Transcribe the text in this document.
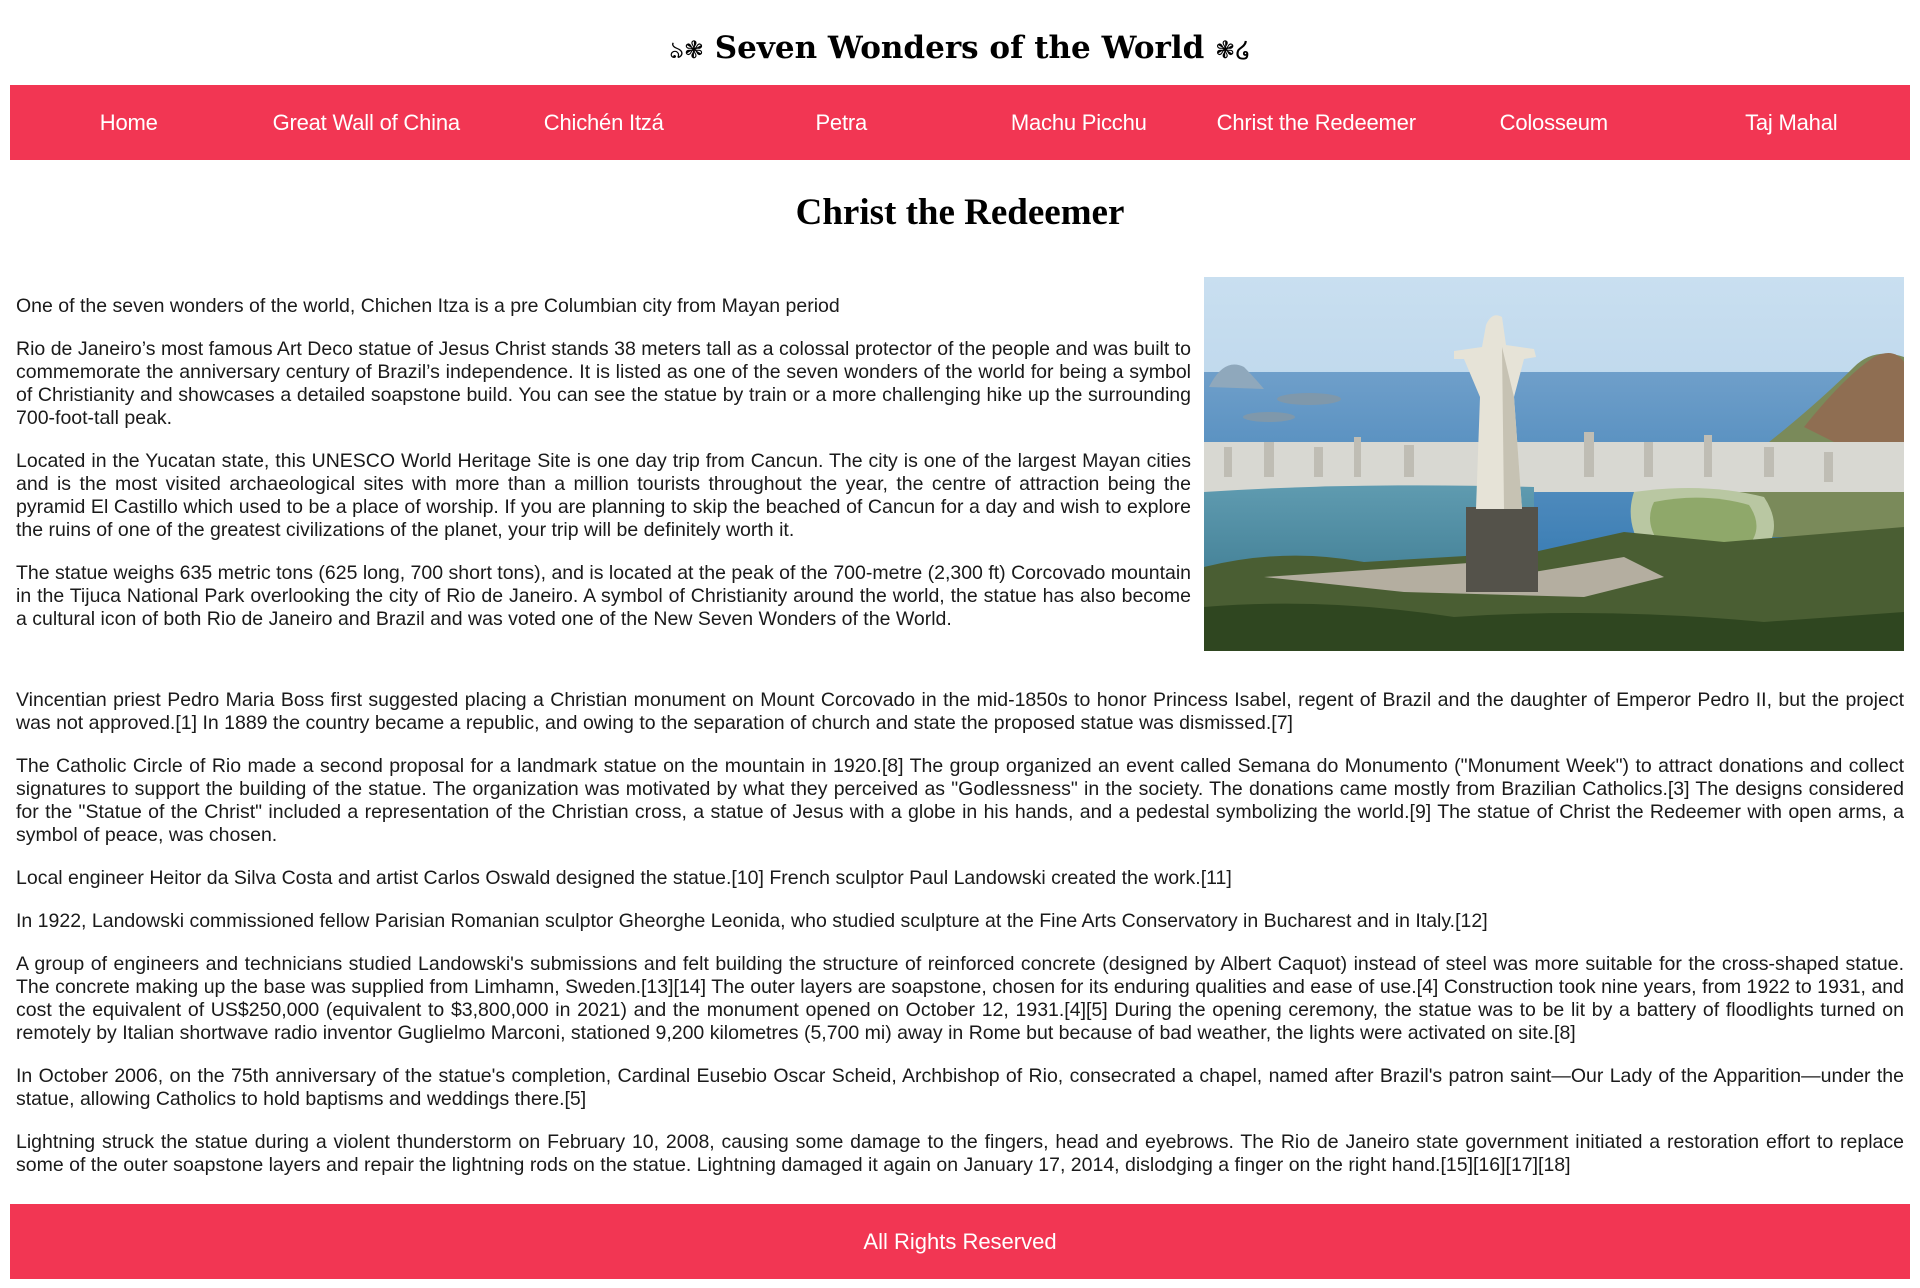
ঌ❃ Seven Wonders of the World ❃໒
Home	Great Wall of China	Chichén Itzá	Petra	Machu Picchu	Christ the Redeemer	Colosseum	Taj Mahal
Christ the Redeemer

One of the seven wonders of the world, Chichen Itza is a pre Columbian city from Mayan period

Rio de Janeiro’s most famous Art Deco statue of Jesus Christ stands 38 meters tall as a colossal protector of the people and was built to commemorate the anniversary century of Brazil’s independence. It is listed as one of the seven wonders of the world for being a symbol of Christianity and showcases a detailed soapstone build. You can see the statue by train or a more challenging hike up the surrounding 700-foot-tall peak.

Located in the Yucatan state, this UNESCO World Heritage Site is one day trip from Cancun. The city is one of the largest Mayan cities and is the most visited archaeological sites with more than a million tourists throughout the year, the centre of attraction being the pyramid El Castillo which used to be a place of worship. If you are planning to skip the beached of Cancun for a day and wish to explore the ruins of one of the greatest civilizations of the planet, your trip will be definitely worth it.

The statue weighs 635 metric tons (625 long, 700 short tons), and is located at the peak of the 700-metre (2,300 ft) Corcovado mountain in the Tijuca National Park overlooking the city of Rio de Janeiro. A symbol of Christianity around the world, the statue has also become a cultural icon of both Rio de Janeiro and Brazil and was voted one of the New Seven Wonders of the World.

Vincentian priest Pedro Maria Boss first suggested placing a Christian monument on Mount Corcovado in the mid-1850s to honor Princess Isabel, regent of Brazil and the daughter of Emperor Pedro II, but the project was not approved.[1] In 1889 the country became a republic, and owing to the separation of church and state the proposed statue was dismissed.[7]

The Catholic Circle of Rio made a second proposal for a landmark statue on the mountain in 1920.[8] The group organized an event called Semana do Monumento ("Monument Week") to attract donations and collect signatures to support the building of the statue. The organization was motivated by what they perceived as "Godlessness" in the society. The donations came mostly from Brazilian Catholics.[3] The designs considered for the "Statue of the Christ" included a representation of the Christian cross, a statue of Jesus with a globe in his hands, and a pedestal symbolizing the world.[9] The statue of Christ the Redeemer with open arms, a symbol of peace, was chosen.

Local engineer Heitor da Silva Costa and artist Carlos Oswald designed the statue.[10] French sculptor Paul Landowski created the work.[11]

In 1922, Landowski commissioned fellow Parisian Romanian sculptor Gheorghe Leonida, who studied sculpture at the Fine Arts Conservatory in Bucharest and in Italy.[12]

A group of engineers and technicians studied Landowski's submissions and felt building the structure of reinforced concrete (designed by Albert Caquot) instead of steel was more suitable for the cross-shaped statue. The concrete making up the base was supplied from Limhamn, Sweden.[13][14] The outer layers are soapstone, chosen for its enduring qualities and ease of use.[4] Construction took nine years, from 1922 to 1931, and cost the equivalent of US$250,000 (equivalent to $3,800,000 in 2021) and the monument opened on October 12, 1931.[4][5] During the opening ceremony, the statue was to be lit by a battery of floodlights turned on remotely by Italian shortwave radio inventor Guglielmo Marconi, stationed 9,200 kilometres (5,700 mi) away in Rome but because of bad weather, the lights were activated on site.[8]

In October 2006, on the 75th anniversary of the statue's completion, Cardinal Eusebio Oscar Scheid, Archbishop of Rio, consecrated a chapel, named after Brazil's patron saint—Our Lady of the Apparition—under the statue, allowing Catholics to hold baptisms and weddings there.[5]

Lightning struck the statue during a violent thunderstorm on February 10, 2008, causing some damage to the fingers, head and eyebrows. The Rio de Janeiro state government initiated a restoration effort to replace some of the outer soapstone layers and repair the lightning rods on the statue. Lightning damaged it again on January 17, 2014, dislodging a finger on the right hand.[15][16][17][18]

All Rights Reserved
